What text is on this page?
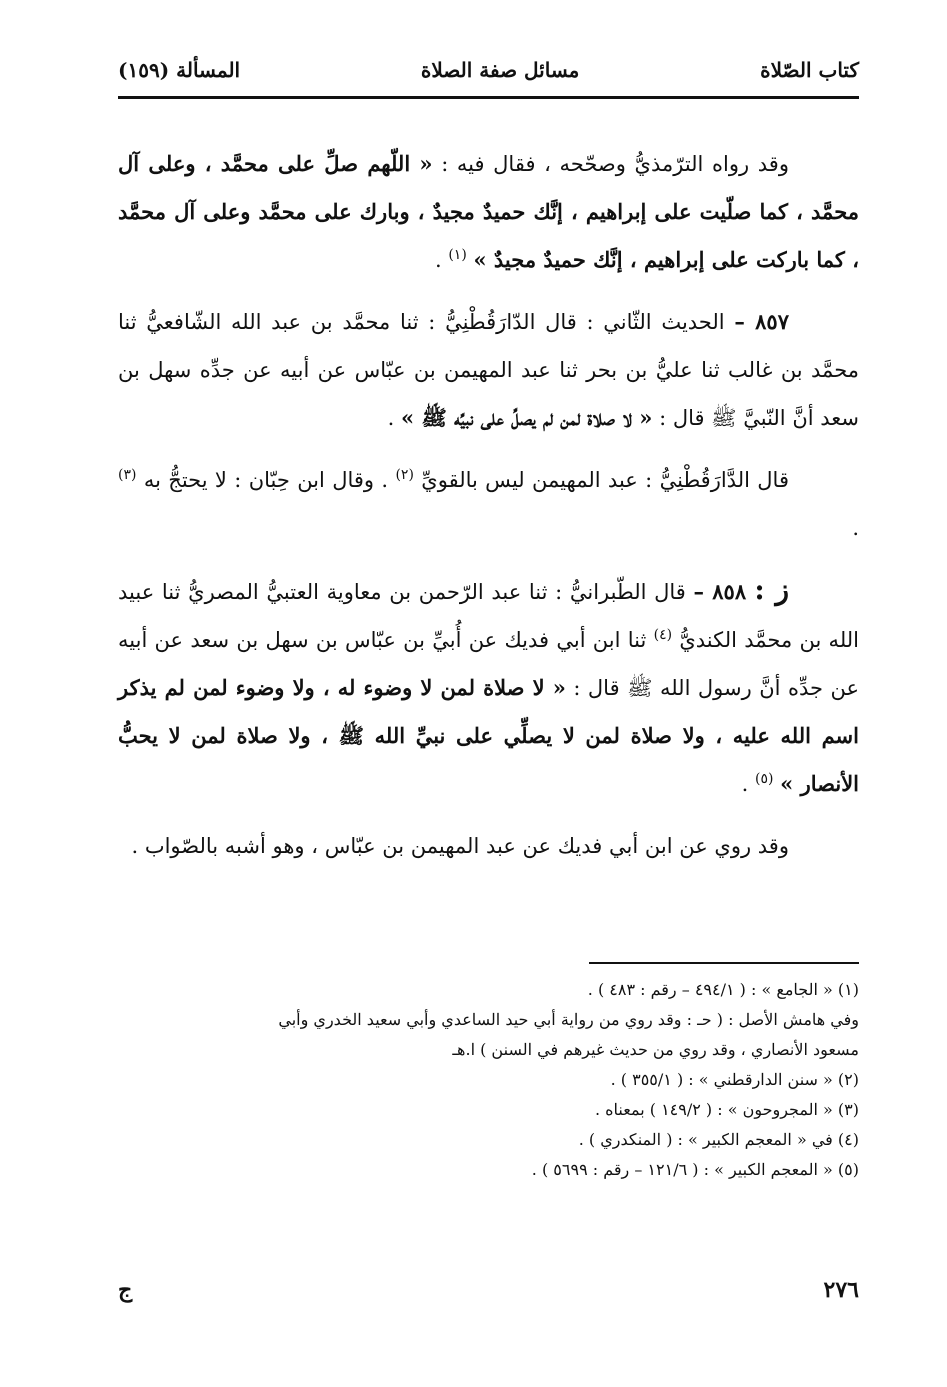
كتاب الصّلاة
مسائل صفة الصلاة
المسألة (١٥٩)

وقد رواه الترّمذيُّ وصحّحه ، فقال فيه : « اللّهم صلِّ على محمَّد ، وعلى آل محمَّد ، كما صلّيت على إبراهيم ، إنَّك حميدٌ مجيدٌ ، وبارك على محمَّد وعلى آل محمَّد ، كما باركت على إبراهيم ، إنَّك حميدٌ مجيدٌ » $^{(١)}$ .

٨٥٧ – الحديث الثّاني : قال الدّارَقُطْنِيُّ : ثنا محمَّد بن عبد الله الشّافعيُّ ثنا محمَّد بن غالب ثنا عليُّ بن بحر ثنا عبد المهيمن بن عبّاس عن أبيه عن جدِّه سهل بن سعد أنَّ النّبيَّ ﷺ قال : « لا صلاة لمن لم يصلِّ على نبيِّه ﷺ » .

قال الدَّارَقُطْنِيُّ : عبد المهيمن ليس بالقويِّ $^{(٢)}$ . وقال ابن حِبّان : لا يحتجُّ به $^{(٣)}$ .

ز : ٨٥٨ – قال الطّبرانيُّ : ثنا عبد الرّحمن بن معاوية العتبيُّ المصريُّ ثنا عبيد الله بن محمَّد الكنديُّ $^{(٤)}$ ثنا ابن أبي فديك عن أُبيِّ بن عبّاس بن سهل بن سعد عن أبيه عن جدِّه أنَّ رسول الله ﷺ قال : « لا صلاة لمن لا وضوء له ، ولا وضوء لمن لم يذكر اسم الله عليه ، ولا صلاة لمن لا يصلِّي على نبيِّ الله ﷺ ، ولا صلاة لمن لا يحبُّ الأنصار » $^{(٥)}$ .

وقد روي عن ابن أبي فديك عن عبد المهيمن بن عبّاس ، وهو أشبه بالصّواب .

(١) « الجامع » : ( ٤٩٤/١ – رقم : ٤٨٣ ) .

وفي هامش الأصل : ( حـ : وقد روي من رواية أبي حيد الساعدي وأبي سعيد الخدري وأبي

مسعود الأنصاري ، وقد روي من حديث غيرهم في السنن ) ا.هـ

(٢) « سنن الدارقطني » : ( ٣٥٥/١ ) .

(٣) « المجروحون » : ( ١٤٩/٢ ) بمعناه .

(٤) في « المعجم الكبير » : ( المنكدري ) .

(٥) « المعجم الكبير » : ( ١٢١/٦ – رقم : ٥٦٩٩ ) .

٢٧٦
ج
